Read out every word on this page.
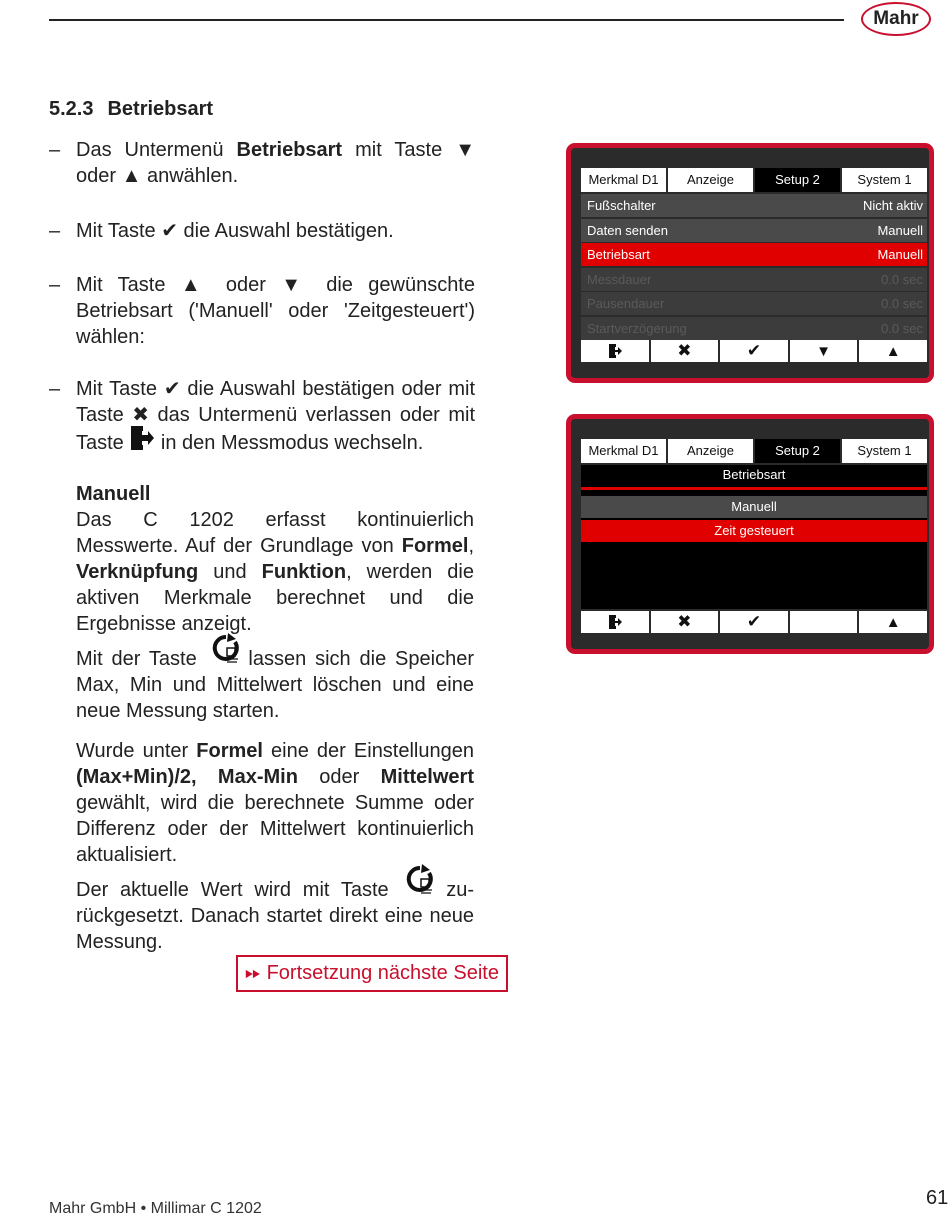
Mahr
5.2.3 Betriebsart
– Das Untermenü Betriebsart mit Taste ▼ oder ▲ anwählen.
– Mit Taste ✔ die Auswahl bestätigen.
– Mit Taste ▲ oder ▼ die gewünschte Betriebsart ('Manuell' oder 'Zeitgesteuert') wählen:
– Mit Taste ✔ die Auswahl bestätigen oder mit Taste ✖ das Untermenü verlassen oder mit Taste  in den Messmodus wechseln.

Manuell

Das C 1202 erfasst kontinuierlich Messwerte. Auf der Grundlage von Formel, Verknüpfung und Funktion, werden die aktiven Merkmale berechnet und die Ergebnisse anzeigt.

Mit der Taste
lassen sich die Speicher Max, Min und Mittelwert löschen und eine neue Messung starten.

Wurde unter Formel eine der Einstellungen (Max+Min)/2, Max-Min oder Mittelwert gewählt, wird die berechnete Summe oder Differenz oder der Mittelwert kontinuierlich aktualisiert.

Der aktuelle Wert wird mit Taste
zu-rückgesetzt. Danach startet direkt eine neue Messung.

⏩︎ Fortsetzung nächste Seite
Merkmal D1	Anzeige	Setup 2	System 1
Fußschalter	Nicht aktiv
Daten senden	Manuell
Betriebsart	Manuell
Messdauer	0.0 sec
Pausendauer	0.0 sec
Startverzögerung	0.0 sec
✖	✔	▼	▲
Merkmal D1	Anzeige	Setup 2	System 1
Betriebsart
Manuell
Zeit gesteuert
✖	✔	▲
Mahr GmbH • Millimar C 1202	61
